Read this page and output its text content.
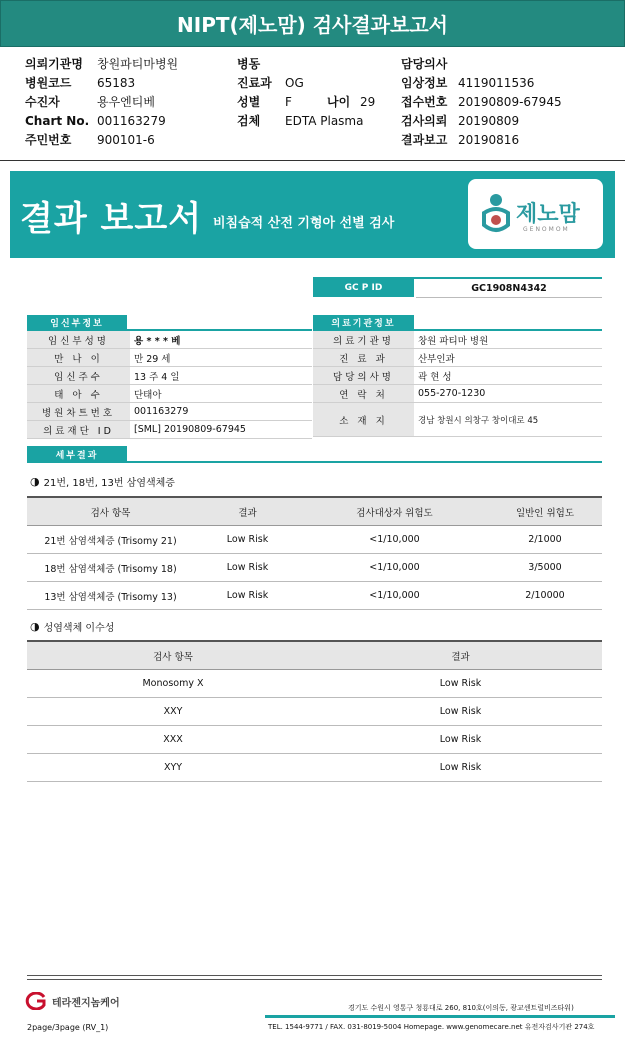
NIPT(제노맘) 검사결과보고서
의뢰기관명	창원파티마병원
병원코드	65183
수진자	용우엔티베
Chart No. 001163279
주민번호	900101-6
병동
진료과	OG
성별	F	나이 29
검체	EDTA Plasma
담당의사
임상정보 4119011536
접수번호 20190809-67945
검사의뢰 20190809
결과보고 20190816
결과 보고서 비침습적 산전 기형아 선별 검사	제노맘
GENOMOM
GC P ID	GC1908N4342
임신부정보
임신부성명	용 * * * 베
만 나 이	만 29 세
임신주수	13 주 4 일
태 아 수	단태아
병원차트번호	001163279
의료재단 ID	[SML] 20190809-67945
의료기관정보
의료기관명	창원 파티마 병원
진 료 과	산부인과
담당의사명	곽 현 성
연 락 처	055-270-1230
소 재 지	경남 창원시 의창구 창이대로 45
세부결과
◑ 21번, 18번, 13번 삼염색체증
검사 항목	결과	검사대상자 위험도	일반인 위험도
21번 삼염색체증 (Trisomy 21)	Low Risk	<1/10,000	2/1000
18번 삼염색체증 (Trisomy 18)	Low Risk	<1/10,000	3/5000
13번 삼염색체증 (Trisomy 13)	Low Risk	<1/10,000	2/10000
◑ 성염색체 이수성
검사 항목	결과
Monosomy X	Low Risk
XXY	Low Risk
XXX	Low Risk
XYY	Low Risk
테라젠지놈케어	경기도 수원시 영통구 청룡대로 260, 810호(이의동, 광교센트럴비즈타워)
TEL. 1544-9771 / FAX. 031-8019-5004 Homepage. www.genomecare.net 유전자검사기관 274호
2page/3page (RV_1)
